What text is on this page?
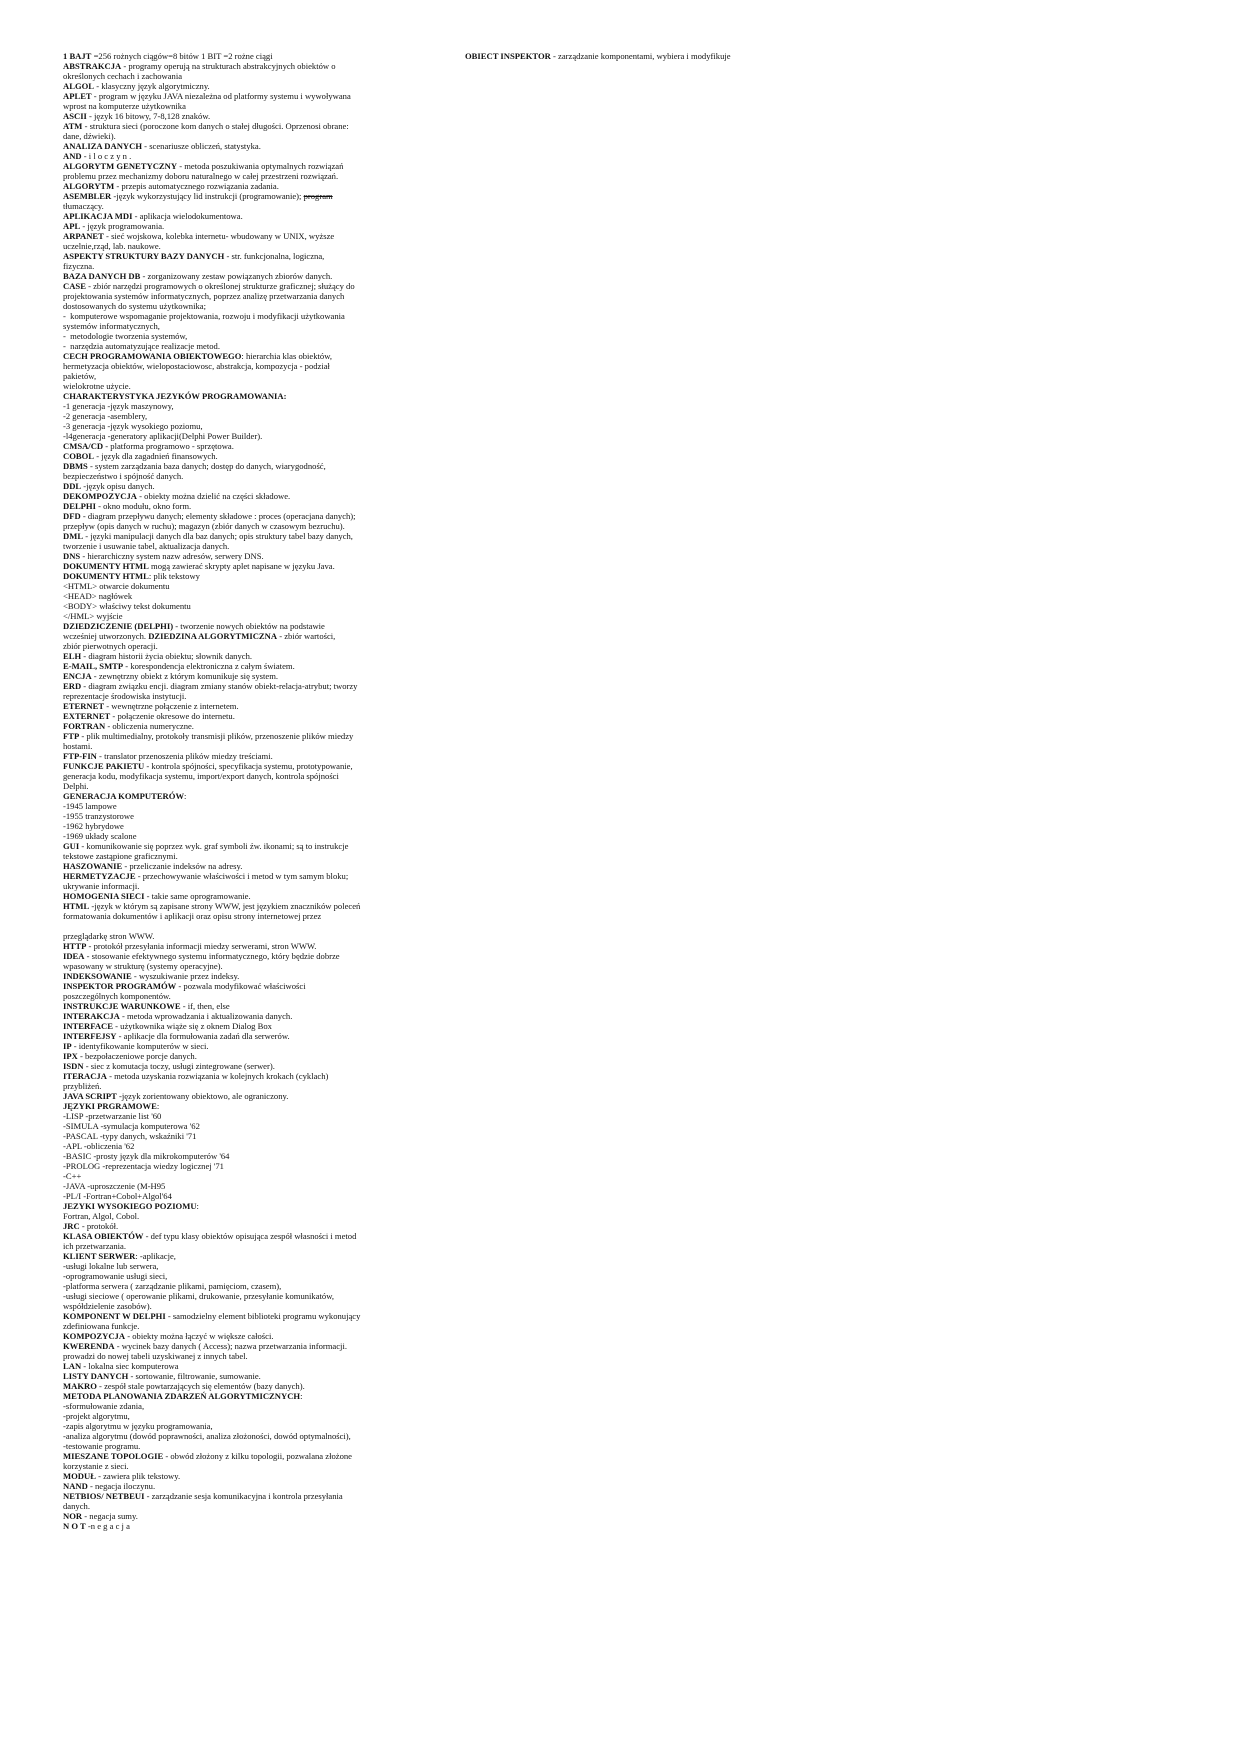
1 BAJT =256 rożnych ciągów=8 bitów 1 BIT =2 rożne ciągi
ABSTRAKCJA - programy operują na strukturach abstrakcyjnych obiektów o
określonych cechach i zachowania
ALGOL - klasyczny język algorytmiczny.
APLET - program w języku JAVA niezależna od platformy systemu i wywoływana
wprost na komputerze użytkownika
ASCII - język 16 bitowy, 7-8,128 znaków.
ATM - struktura sieci (poroczone kom danych o stałej długości. Oprzenosi obrane:
dane, dźwieki).
ANALIZA DANYCH - scenariusze obliczeń, statystyka.
AND - i l o c z y n .
ALGORYTM GENETYCZNY - metoda poszukiwania optymalnych rozwiązań
problemu przez mechanizmy doboru naturalnego w całej przestrzeni rozwiązań.
ALGORYTM - przepis automatycznego rozwiązania zadania.
ASEMBLER -język wykorzystujący lid instrukcji (programowanie); program
tłumaczący.
APLIKACJA MDI - aplikacja wielodokumentowa.
APL - język programowania.
ARPANET - sieć wojskowa, kolebka internetu- wbudowany w UNIX, wyższe
uczelnie,rząd, lab. naukowe.
ASPEKTY STRUKTURY BAZY DANYCH - str. funkcjonalna, logiczna,
fizyczna.
BAZA DANYCH DB - zorganizowany zestaw powiązanych zbiorów danych.
CASE - zbiór narzędzi programowych o określonej strukturze graficznej; służący do
projektowania systemów informatycznych, poprzez analizę przetwarzania danych
dostosowanych do systemu użytkownika;
-  komputerowe wspomaganie projektowania, rozwoju i modyfikacji użytkowania
systemów informatycznych,
-  metodologie tworzenia systemów,
-  narzędzia automatyzujące realizacje metod.
CECH PROGRAMOWANIA OBIEKTOWEGO: hierarchia klas obiektów,
hermetyzacja obiektów, wielopostaciowosc, abstrakcja, kompozycja - podział
pakietów,
wielokrotne użycie.
CHARAKTERYSTYKA JEZYKÓW PROGRAMOWANIA:
-1 generacja -język maszynowy,
-2 generacja -asemblery,
-3 generacja -język wysokiego poziomu,
-l4generacja -generatory aplikacji(Delphi Power Builder).
CMSA/CD - platforma programowo - sprzętowa.
COBOL - język dla zagadnień finansowych.
DBMS - system zarządzania baza danych; dostęp do danych, wiarygodność,
bezpieczeństwo i spójność danych.
DDL -język opisu danych.
DEKOMPOZYCJA - obiekty można dzielić na części składowe.
DELPHI - okno modułu, okno form.
DFD - diagram przepływu danych; elementy składowe : proces (operacjana danych);
przepływ (opis danych w ruchu); magazyn (zbiór danych w czasowym bezruchu).
DML - języki manipulacji danych dla baz danych; opis struktury tabel bazy danych,
tworzenie i usuwanie tabel, aktualizacja danych.
DNS - hierarchiczny system nazw adresów, serwery DNS.
DOKUMENTY HTML mogą zawierać skrypty aplet napisane w języku Java.
DOKUMENTY HTML: plik tekstowy
<HTML> otwarcie dokumentu
<HEAD> nagłówek
<BODY> właściwy tekst dokumentu
</HML> wyjście
DZIEDZICZENIE (DELPHI) - tworzenie nowych obiektów na podstawie
wcześniej utworzonych. DZIEDZINA ALGORYTMICZNA - zbiór wartości,
zbiór pierwotnych operacji.
ELH - diagram historii życia obiektu; słownik danych.
E-MAIL, SMTP - korespondencja elektroniczna z całym światem.
ENCJA - zewnętrzny obiekt z którym komunikuje się system.
ERD - diagram związku encji. diagram zmiany stanów obiekt-relacja-atrybut; tworzy
reprezentacje środowiska instytucji.
ETERNET - wewnętrzne połączenie z internetem.
EXTERNET - połączenie okresowe do internetu.
FORTRAN - obliczenia numeryczne.
FTP - plik multimedialny, protokoły transmisji plików, przenoszenie plików miedzy
hostami.
FTP-FIN - translator przenoszenia plików miedzy treściami.
FUNKCJE PAKIETU - kontrola spójności, specyfikacja systemu, prototypowanie,
generacja kodu, modyfikacja systemu, import/export danych, kontrola spójności
Delphi.
GENERACJA KOMPUTERÓW:
-1945 lampowe
-1955 tranzystorowe
-1962 hybrydowe
-1969 układy scalone
GUI - komunikowanie się poprzez wyk. graf symboli źw. ikonami; są to instrukcje
tekstowe zastąpione graficznymi.
HASZOWANIE - przeliczanie indeksów na adresy.
HERMETYZACJE - przechowywanie właściwości i metod w tym samym bloku;
ukrywanie informacji.
HOMOGENIA SIECI - takie same oprogramowanie.
HTML -język w którym są zapisane strony WWW, jest językiem znaczników poleceń
formatowania dokumentów i aplikacji oraz opisu strony internetowej przez

przeglądarkę stron WWW.
HTTP - protokół przesyłania informacji miedzy serwerami, stron WWW.
IDEA - stosowanie efektywnego systemu informatycznego, który będzie dobrze
wpasowany w strukturę (systemy operacyjne).
INDEKSOWANIE - wyszukiwanie przez indeksy.
INSPEKTOR PROGRAMÓW - pozwala modyfikować właściwości
poszczególnych komponentów.
INSTRUKCJE WARUNKOWE - if, then, else
INTERAKCJA - metoda wprowadzania i aktualizowania danych.
INTERFACE - użytkownika wiąże się z oknem Dialog Box
INTERFEJSY - aplikacje dla formułowania zadań dla serwerów.
IP - identyfikowanie komputerów w sieci.
IPX - bezpołaczeniowe porcje danych.
ISDN - siec z komutacja toczy, usługi zintegrowane (serwer).
ITERACJA - metoda uzyskania rozwiązania w kolejnych krokach (cyklach)
przybliżeń.
JAVA SCRIPT -język zorientowany obiektowo, ale ograniczony.
JĘZYKI PRGRAMOWE:
-LISP -przetwarzanie list '60
-SIMULA -symulacja komputerowa '62
-PASCAL -typy danych, wskaźniki '71
-APL -obliczenia '62
-BASIC -prosty język dla mikrokomputerów '64
-PROLOG -reprezentacja wiedzy logicznej '71
-C++
-JAVA -uproszczenie (M-H95
-PL/I -Fortran+Cobol+Algol'64
JEZYKI WYSOKIEGO POZIOMU:
Fortran, Algol, Cobol.
JRC - protokół.
KLASA OBIEKTÓW - def typu klasy obiektów opisująca zespół własności i metod
ich przetwarzania.
KLIENT SERWER: -aplikacje,
-usługi lokalne lub serwera,
-oprogramowanie usługi sieci,
-platforma serwera ( zarządzanie plikami, pamięciom, czasem),
-usługi sieciowe ( operowanie plikami, drukowanie, przesyłanie komunikatów,
współdzielenie zasobów).
KOMPONENT W DELPHI - samodzielny element biblioteki programu wykonujący
zdefiniowana funkcje.
KOMPOZYCJA - obiekty można łączyć w większe całości.
KWERENDA - wycinek bazy danych ( Access); nazwa przetwarzania informacji.
prowadzi do nowej tabeli uzyskiwanej z innych tabel.
LAN - lokalna siec komputerowa
LISTY DANYCH - sortowanie, filtrowanie, sumowanie.
MAKRO - zespół stale powtarzających się elementów (bazy danych).
METODA PLANOWANIA ZDARZEŃ ALGORYTMICZNYCH:
-sformułowanie zdania,
-projekt algorytmu,
-zapis algorytmu w języku programowania,
-analiza algorytmu (dowód poprawności, analiza złożoności, dowód optymalności),
-testowanie programu.
MIESZANE TOPOLOGIE - obwód złożony z kilku topologii, pozwalana złożone
korzystanie z sieci.
MODUŁ - zawiera plik tekstowy.
NAND - negacja iloczynu.
NETBIOS/ NETBEUI - zarządzanie sesja komunikacyjna i kontrola przesyłania
danych.
NOR - negacja sumy.
N O T -n e g a c j a
OBIECT INSPEKTOR - zarządzanie komponentami, wybiera i modyfikuje
